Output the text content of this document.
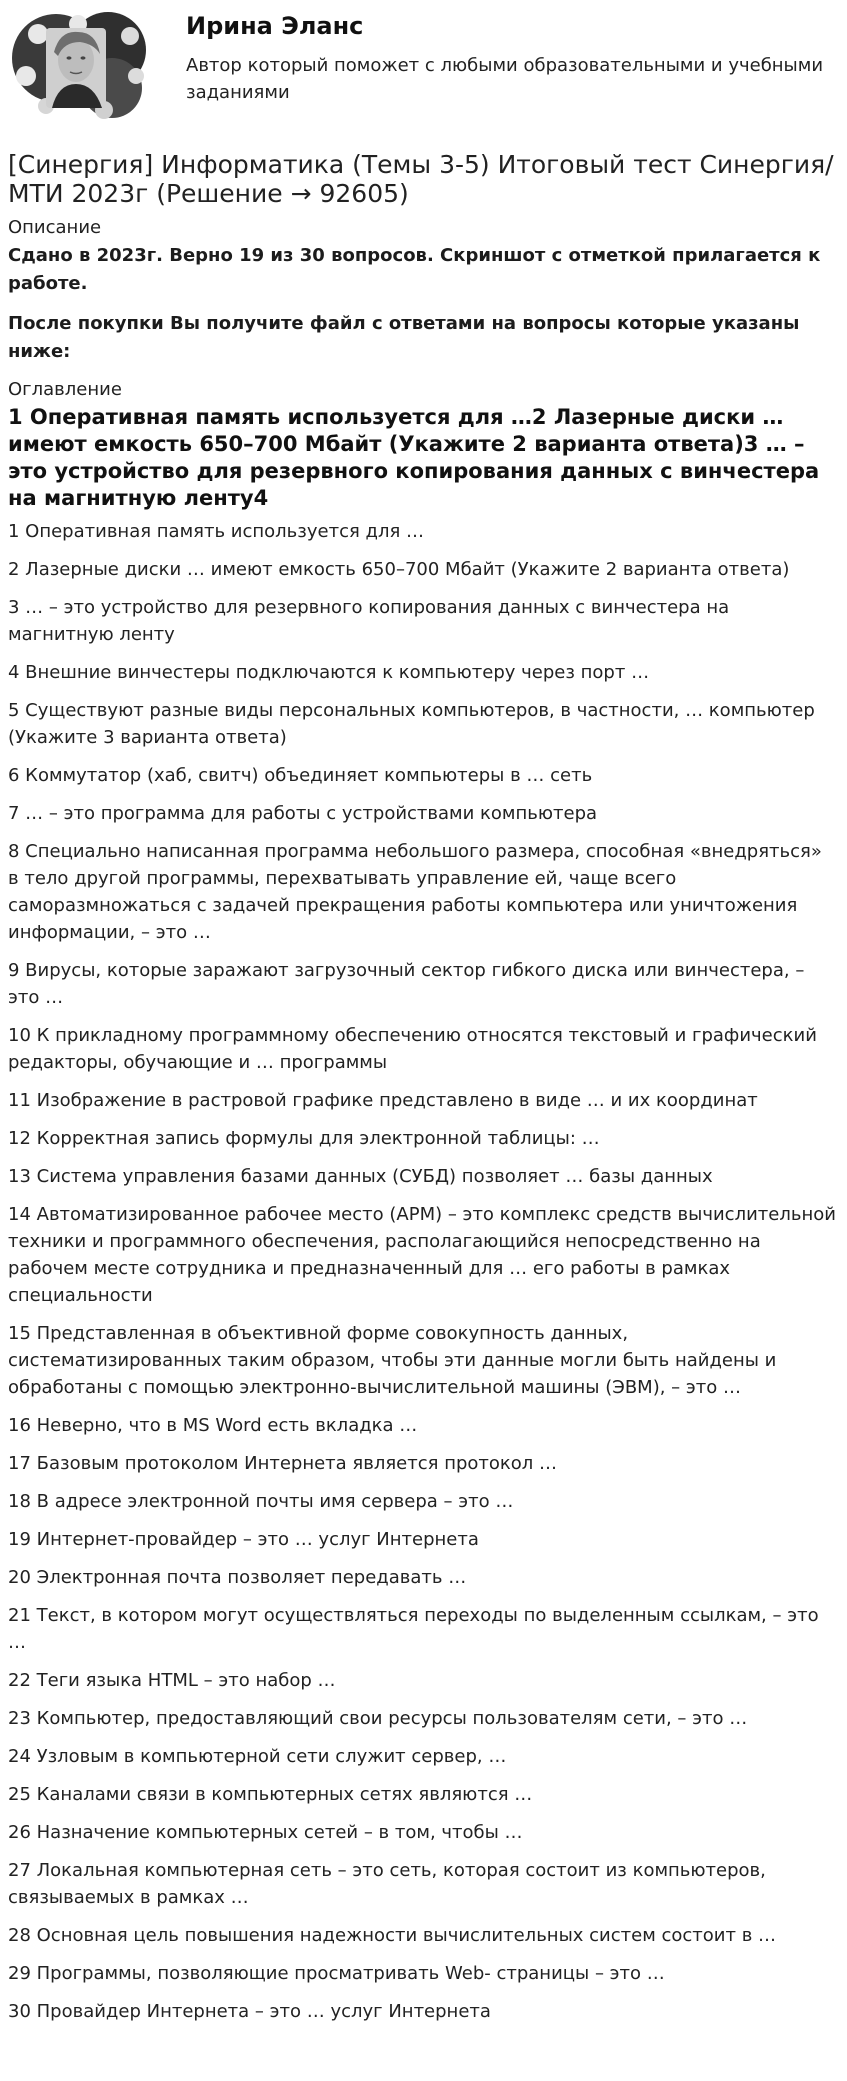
Ирина Эланс
Автор который поможет с любыми образовательными и учебными заданиями
[Синергия] Информатика (Темы 3-5) Итоговый тест Синергия/МТИ 2023г (Решение → 92605)
Описание

Сдано в 2023г. Верно 19 из 30 вопросов. Скриншот с отметкой прилагается к работе.

После покупки Вы получите файл с ответами на вопросы которые указаны ниже:

Оглавление
1 Оперативная память используется для …2 Лазерные диски … имеют емкость 650–700 Мбайт (Укажите 2 варианта ответа)3 … – это устройство для резервного копирования данных с винчестера на магнитную ленту4

1 Оперативная память используется для …

2 Лазерные диски … имеют емкость 650–700 Мбайт (Укажите 2 варианта ответа)

3 … – это устройство для резервного копирования данных с винчестера на магнитную ленту

4 Внешние винчестеры подключаются к компьютеру через порт …

5 Существуют разные виды персональных компьютеров, в частности, … компьютер (Укажите 3 варианта ответа)

6 Коммутатор (хаб, свитч) объединяет компьютеры в … сеть

7 … – это программа для работы с устройствами компьютера

8 Специально написанная программа небольшого размера, способная «внедряться» в тело другой программы, перехватывать управление ей, чаще всего саморазмножаться с задачей прекращения работы компьютера или уничтожения информации, – это …

9 Вирусы, которые заражают загрузочный сектор гибкого диска или винчестера, – это …

10 К прикладному программному обеспечению относятся текстовый и графический редакторы, обучающие и … программы

11 Изображение в растровой графике представлено в виде … и их координат

12 Корректная запись формулы для электронной таблицы: …

13 Система управления базами данных (СУБД) позволяет … базы данных

14 Автоматизированное рабочее место (АРМ) – это комплекс средств вычислительной техники и программного обеспечения, располагающийся непосредственно на рабочем месте сотрудника и предназначенный для … его работы в рамках специальности

15 Представленная в объективной форме совокупность данных, систематизированных таким образом, чтобы эти данные могли быть найдены и обработаны с помощью электронно-вычислительной машины (ЭВМ), – это …

16 Неверно, что в MS Word есть вкладка …

17 Базовым протоколом Интернета является протокол …

18 В адресе электронной почты имя сервера – это …

19 Интернет-провайдер – это … услуг Интернета

20 Электронная почта позволяет передавать …

21 Текст, в котором могут осуществляться переходы по выделенным ссылкам, – это …

22 Теги языка HTML – это набор …

23 Компьютер, предоставляющий свои ресурсы пользователям сети, – это …

24 Узловым в компьютерной сети служит сервер, …

25 Каналами связи в компьютерных сетях являются …

26 Назначение компьютерных сетей – в том, чтобы …

27 Локальная компьютерная сеть – это сеть, которая состоит из компьютеров, связываемых в рамках …

28 Основная цель повышения надежности вычислительных систем состоит в …

29 Программы, позволяющие просматривать Web- страницы – это …

30 Провайдер Интернета – это … услуг Интернета
